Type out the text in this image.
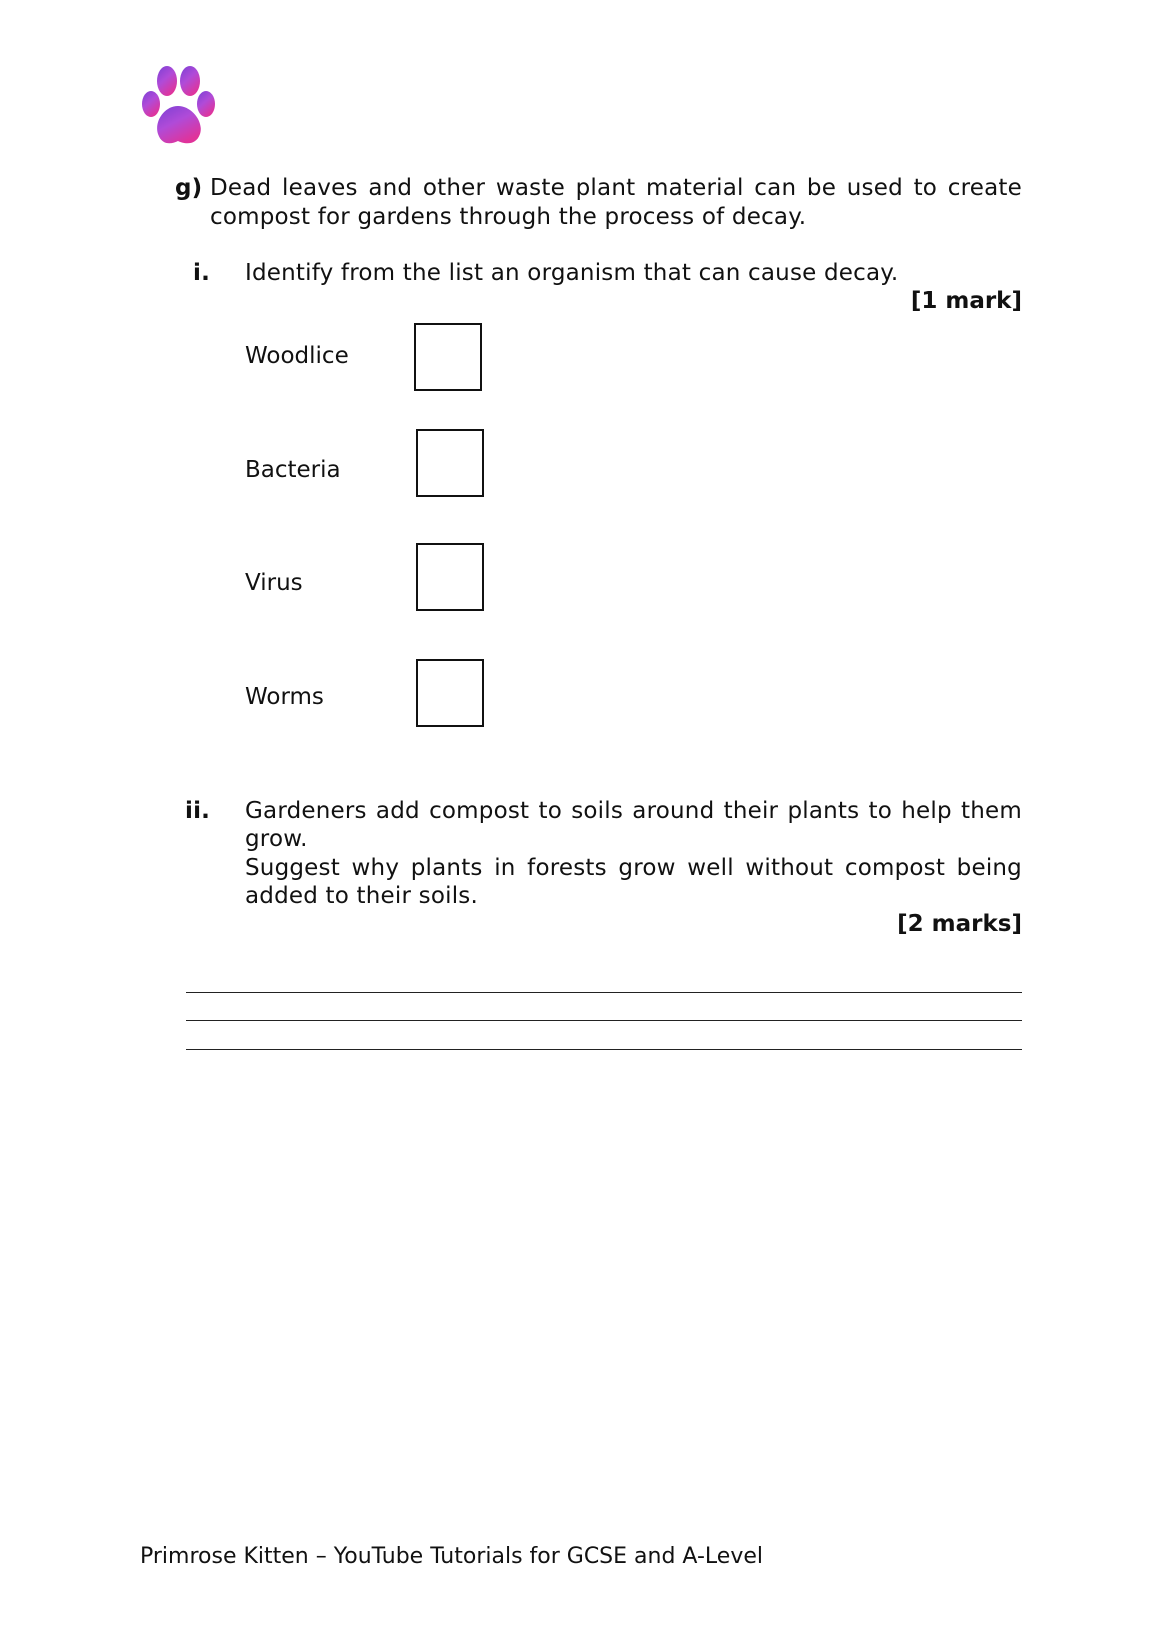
g) Dead leaves and other waste plant material can be used to create
compost for gardens through the process of decay.
i. Identify from the list an organism that can cause decay.
[1 mark]
Woodlice
Bacteria
Virus
Worms
ii. Gardeners add compost to soils around their plants to help them
grow.
Suggest why plants in forests grow well without compost being
added to their soils.
[2 marks]
Primrose Kitten – YouTube Tutorials for GCSE and A-Level
